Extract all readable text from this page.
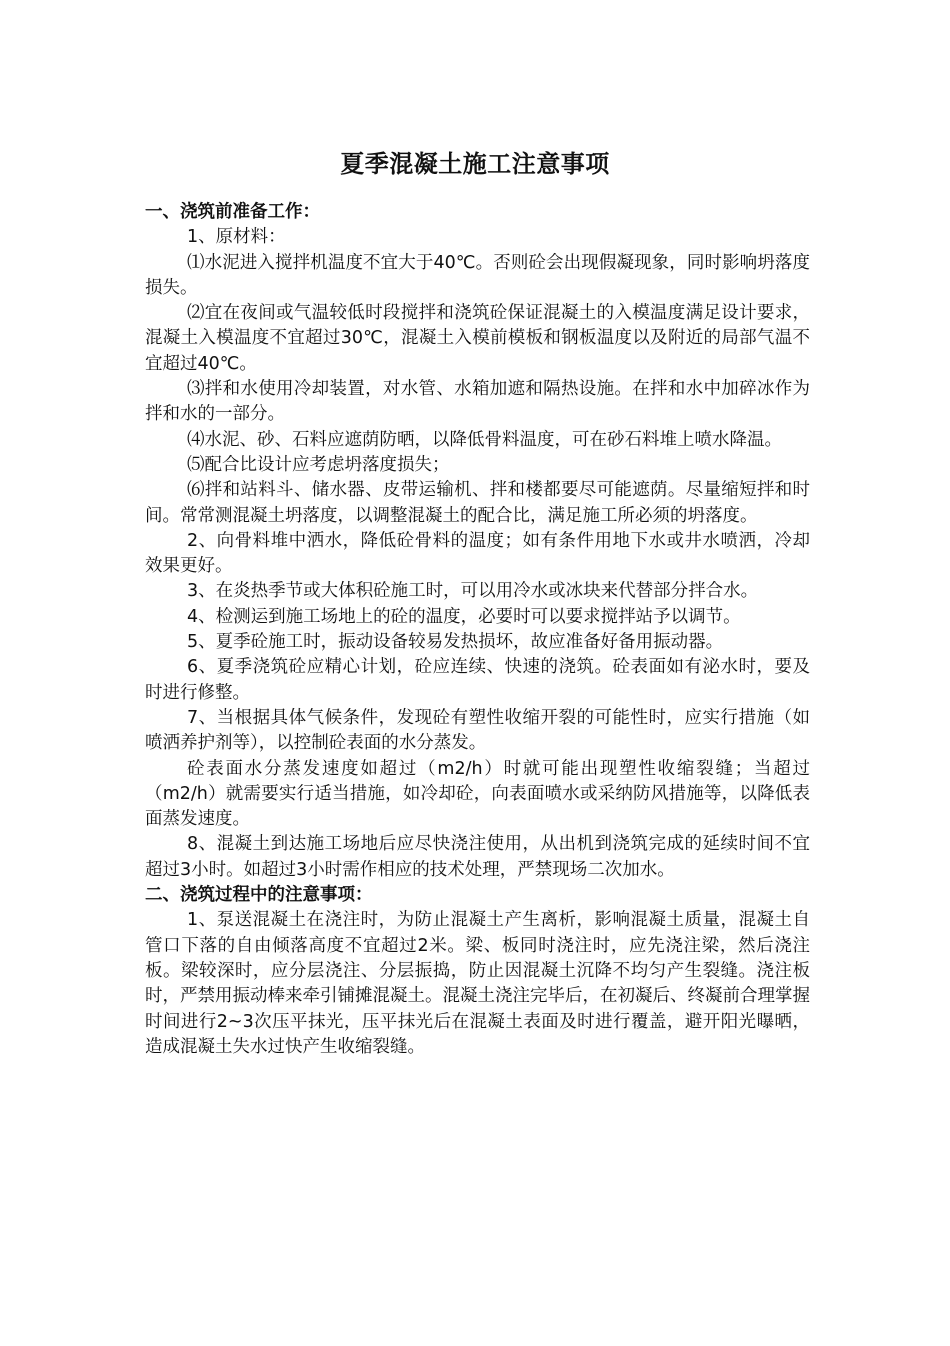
夏季混凝土施工注意事项

一、浇筑前准备工作：

1、原材料：

⑴水泥进入搅拌机温度不宜大于40℃。否则砼会出现假凝现象，同时影响坍落度损失。

⑵宜在夜间或气温较低时段搅拌和浇筑砼保证混凝土的入模温度满足设计要求，混凝土入模温度不宜超过30℃，混凝土入模前模板和钢板温度以及附近的局部气温不宜超过40℃。

⑶拌和水使用冷却装置，对水管、水箱加遮和隔热设施。在拌和水中加碎冰作为拌和水的一部分。

⑷水泥、砂、石料应遮荫防晒，以降低骨料温度，可在砂石料堆上喷水降温。

⑸配合比设计应考虑坍落度损失；

⑹拌和站料斗、储水器、皮带运输机、拌和楼都要尽可能遮荫。尽量缩短拌和时间。常常测混凝土坍落度，以调整混凝土的配合比，满足施工所必须的坍落度。

2、向骨料堆中洒水，降低砼骨料的温度；如有条件用地下水或井水喷洒，冷却效果更好。

3、在炎热季节或大体积砼施工时，可以用冷水或冰块来代替部分拌合水。

4、检测运到施工场地上的砼的温度，必要时可以要求搅拌站予以调节。

5、夏季砼施工时，振动设备较易发热损坏，故应准备好备用振动器。

6、夏季浇筑砼应精心计划，砼应连续、快速的浇筑。砼表面如有泌水时，要及时进行修整。

7、当根据具体气候条件，发现砼有塑性收缩开裂的可能性时，应实行措施（如喷洒养护剂等），以控制砼表面的水分蒸发。

砼表面水分蒸发速度如超过（m2/h）时就可能出现塑性收缩裂缝；当超过（m2/h）就需要实行适当措施，如冷却砼，向表面喷水或采纳防风措施等，以降低表面蒸发速度。

8、混凝土到达施工场地后应尽快浇注使用，从出机到浇筑完成的延续时间不宜超过3小时。如超过3小时需作相应的技术处理，严禁现场二次加水。

二、浇筑过程中的注意事项：

1、泵送混凝土在浇注时，为防止混凝土产生离析，影响混凝土质量，混凝土自管口下落的自由倾落高度不宜超过2米。梁、板同时浇注时，应先浇注梁，然后浇注板。梁较深时，应分层浇注、分层振捣，防止因混凝土沉降不均匀产生裂缝。浇注板时，严禁用振动棒来牵引铺摊混凝土。混凝土浇注完毕后，在初凝后、终凝前合理掌握时间进行2~3次压平抹光，压平抹光后在混凝土表面及时进行覆盖，避开阳光曝晒，造成混凝土失水过快产生收缩裂缝。
